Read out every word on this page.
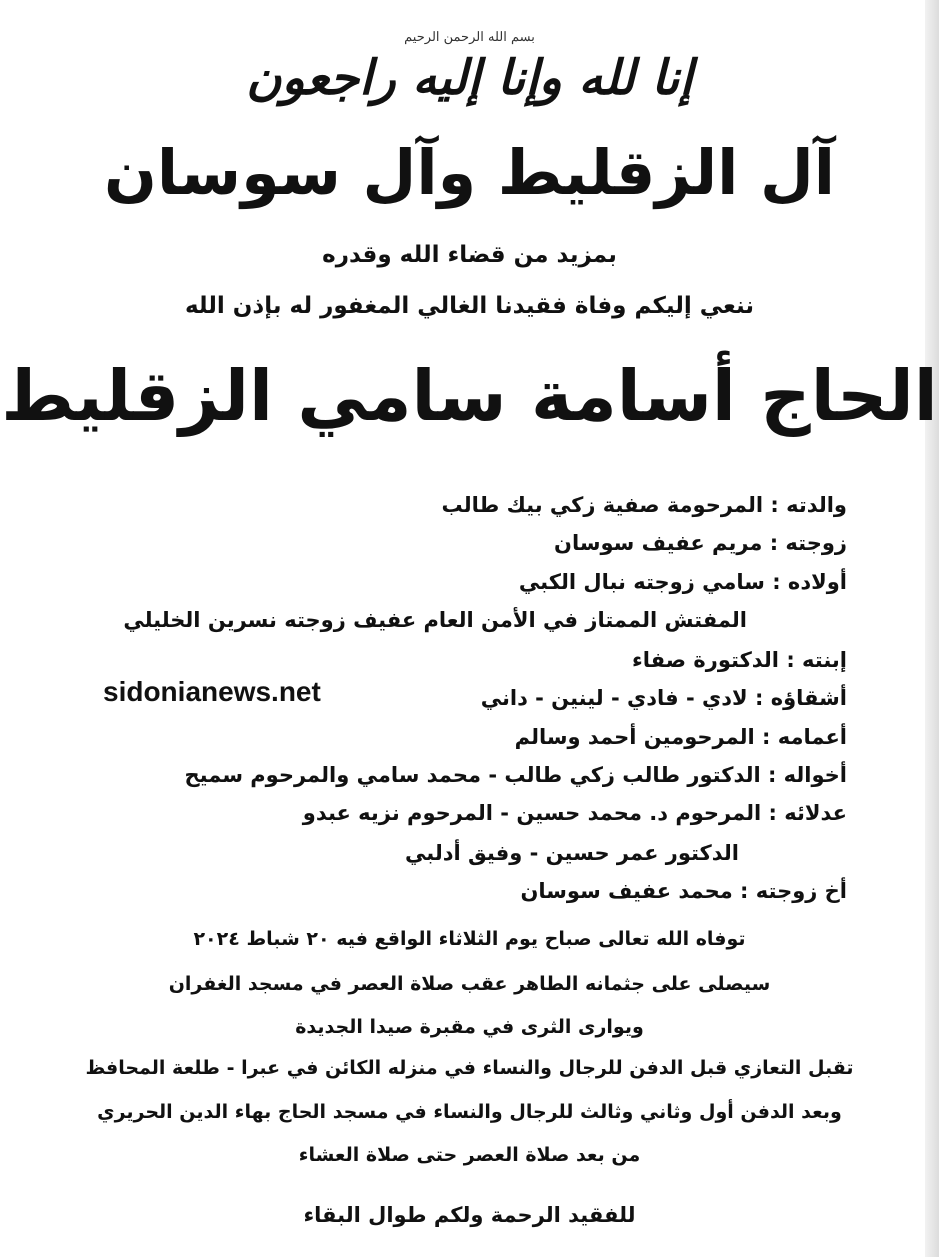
بسم الله الرحمن الرحيم
إنا لله وإنا إليه راجعون
آل الزقليط وآل سوسان
بمزيد من قضاء الله وقدره
ننعي إليكم وفاة فقيدنا الغالي المغفور له بإذن الله
الحاج أسامة سامي الزقليط
والدته : المرحومة صفية زكي بيك طالب
زوجته : مريم عفيف سوسان
أولاده : سامي زوجته نبال الكبي
المفتش الممتاز في الأمن العام عفيف زوجته نسرين الخليلي
إبنته : الدكتورة صفاء
أشقاؤه : لادي - فادي - لينين - داني
أعمامه : المرحومين أحمد وسالم
أخواله : الدكتور طالب زكي طالب - محمد سامي والمرحوم سميح
عدلائه : المرحوم د. محمد حسين - المرحوم نزيه عبدو
الدكتور عمر حسين - وفيق أدلبي
أخ زوجته : محمد عفيف سوسان
sidonianews.net
توفاه الله تعالى صباح يوم الثلاثاء الواقع فيه ٢٠ شباط ٢٠٢٤
سيصلى على جثمانه الطاهر عقب صلاة العصر في مسجد الغفران
ويوارى الثرى في مقبرة صيدا الجديدة
تقبل التعازي قبل الدفن للرجال والنساء في منزله الكائن في عبرا - طلعة المحافظ
وبعد الدفن أول وثاني وثالث للرجال والنساء في مسجد الحاج بهاء الدين الحريري
من بعد صلاة العصر حتى صلاة العشاء
للفقيد الرحمة ولكم طوال البقاء
